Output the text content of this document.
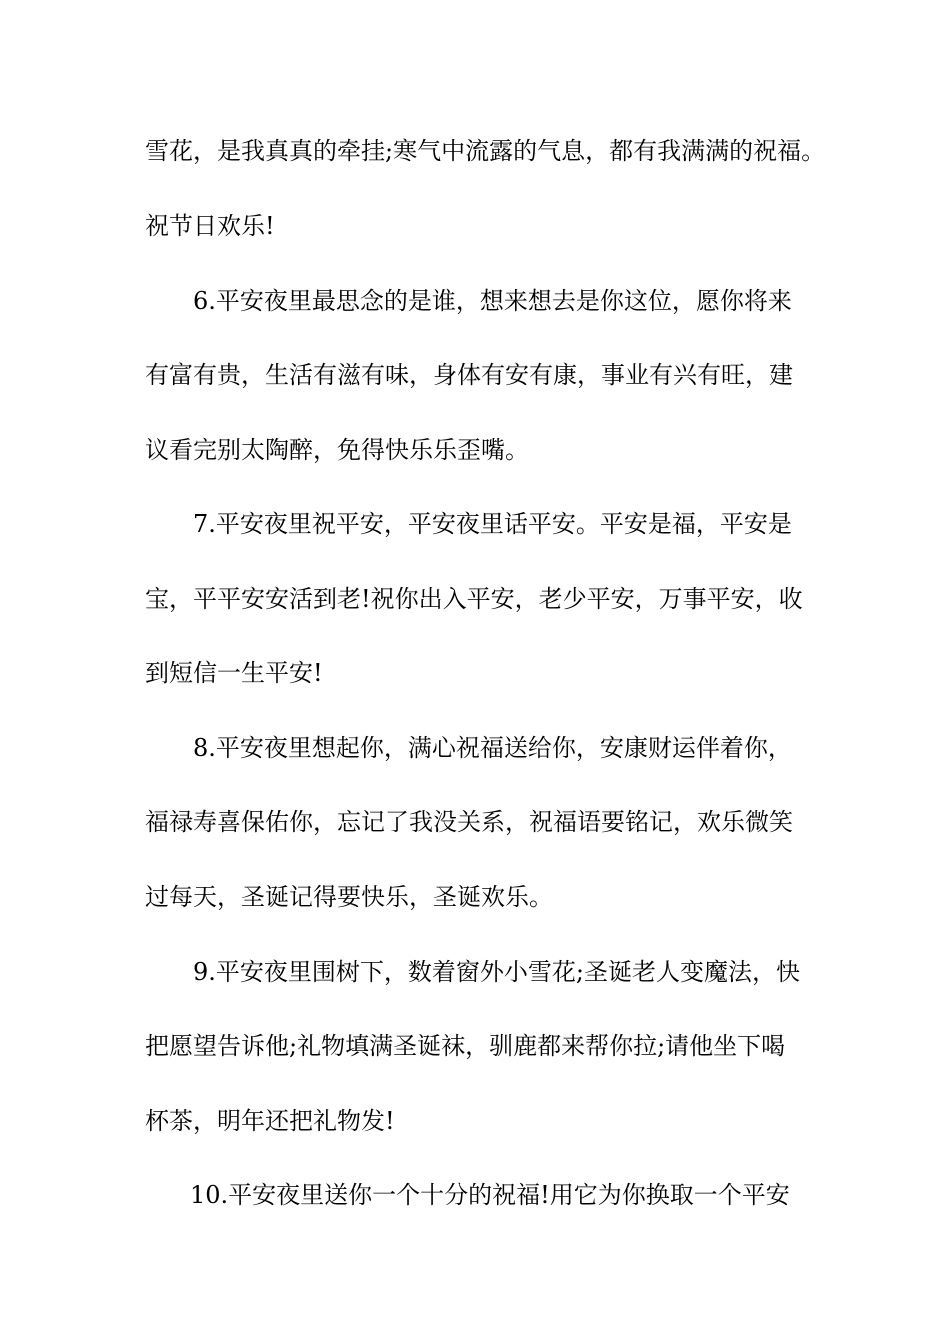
雪花，是我真真的牵挂;寒气中流露的气息，都有我满满的祝福。

祝节日欢乐!

6.平安夜里最思念的是谁，想来想去是你这位，愿你将来

有富有贵，生活有滋有味，身体有安有康，事业有兴有旺，建

议看完别太陶醉，免得快乐乐歪嘴。

7.平安夜里祝平安，平安夜里话平安。平安是福，平安是

宝，平平安安活到老!祝你出入平安，老少平安，万事平安，收

到短信一生平安!

8.平安夜里想起你，满心祝福送给你，安康财运伴着你，

福禄寿喜保佑你，忘记了我没关系，祝福语要铭记，欢乐微笑

过每天，圣诞记得要快乐，圣诞欢乐。

9.平安夜里围树下，数着窗外小雪花;圣诞老人变魔法，快

把愿望告诉他;礼物填满圣诞袜，驯鹿都来帮你拉;请他坐下喝

杯茶，明年还把礼物发!

10.平安夜里送你一个十分的祝福!用它为你换取一个平安
